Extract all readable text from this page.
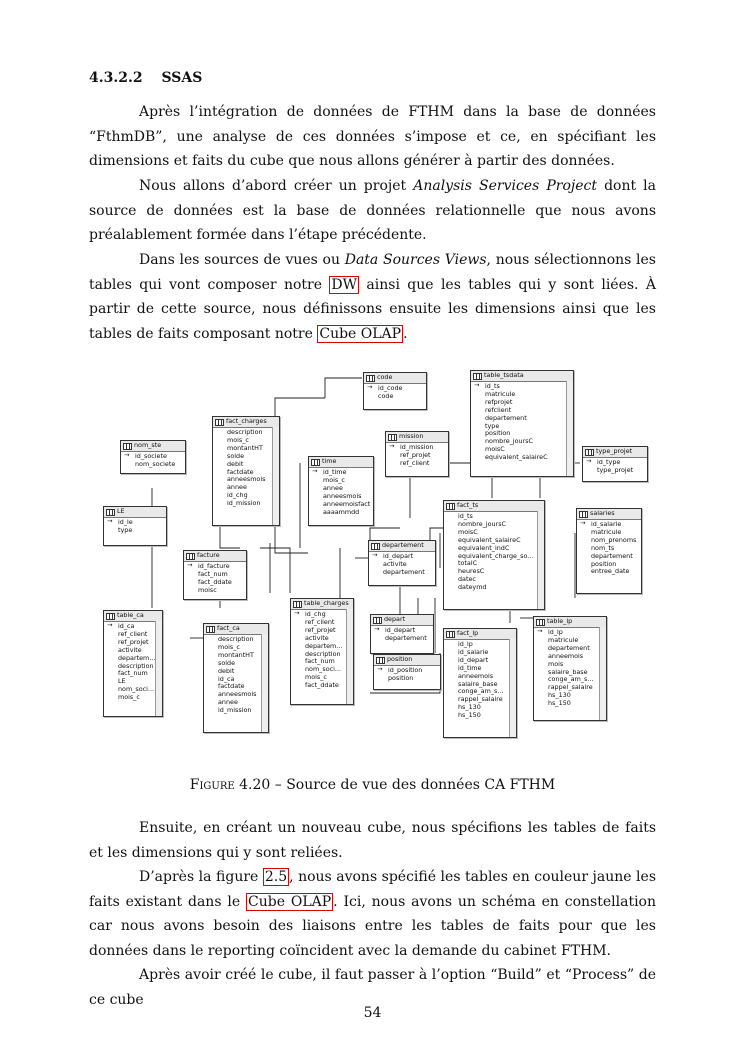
4.3.2.2 SSAS

Après l’intégration de données de FTHM dans la base de données “FthmDB”, une analyse de ces données s’impose et ce, en spécifiant les dimensions et faits du cube que nous allons générer à partir des données.

Nous allons d’abord créer un projet Analysis Services Project dont la source de données est la base de données relationnelle que nous avons préalablement formée dans l’étape précédente.

Dans les sources de vues ou Data Sources Views, nous sélectionnons les tables qui vont composer notre DW ainsi que les tables qui y sont liées. À partir de cette source, nous définissons ensuite les dimensions ainsi que les tables de faits composant notre Cube OLAP .

code
→ id_code
code
table_tsdata
→ id_ts
matricule
refprojet
refclient
departement
type
position
nombre_joursC
moisC
equivalent_salaireC
fact_charges
description
mois_c
montantHT
solde
debit
factdate
anneesmois
annee
id_chg
id_mission
mission
→ id_mission
ref_projet
ref_client
type_projet
→ id_type
type_projet
nom_ste
→ id_societe
nom_societe	time
→ id_time
mois_c
annee
anneesmois
anneemoisfact
aaaammdd
LE
→ id_le
type
fact_ts
id_ts
nombre_joursC
moisC
equivalent_salaireC
equivalent_indC
equivalent_charge_so...
totalC
heuresC
datec
dateymd
salaries
→ id_salarie
matricule
nom_prenoms
nom_ts
departement
position
entree_date
facture
→ id_facture
fact_num
fact_ddate
moisc
departement
→ id_depart
activite
departement
table_ca
→ id_ca
ref_client
ref_projet
activite
departem...
description
fact_num
LE
nom_soci...
mois_c
fact_ca
description
mois_c
montantHT
solde
debit
id_ca
factdate
anneesmois
annee
id_mission
table_charges
→ id_chg
ref_client
ref_projet
activite
departem...
description
fact_num
nom_soci...
mois_c
fact_ddate
depart
→ id_depart
departement
fact_lp
id_lp
id_salarie
id_depart
id_time
anneemois
salaire_base
conge_am_s...
rappel_salaire
hs_130
hs_150
table_lp
→ id_lp
matricule
departement
anneemois
mois
salaire_base
conge_am_s...
rappel_salaire
hs_130
hs_150
position
→ id_position
position
Figure 4.20 – Source de vue des données CA FTHM

Ensuite, en créant un nouveau cube, nous spécifions les tables de faits et les dimensions qui y sont reliées.

D’après la figure 2.5 , nous avons spécifié les tables en couleur jaune les faits existant dans le Cube OLAP . Ici, nous avons un schéma en constellation car nous avons besoin des liaisons entre les tables de faits pour que les données dans le reporting coïncident avec la demande du cabinet FTHM.

Après avoir créé le cube, il faut passer à l’option “Build” et “Process” de ce cube

54
